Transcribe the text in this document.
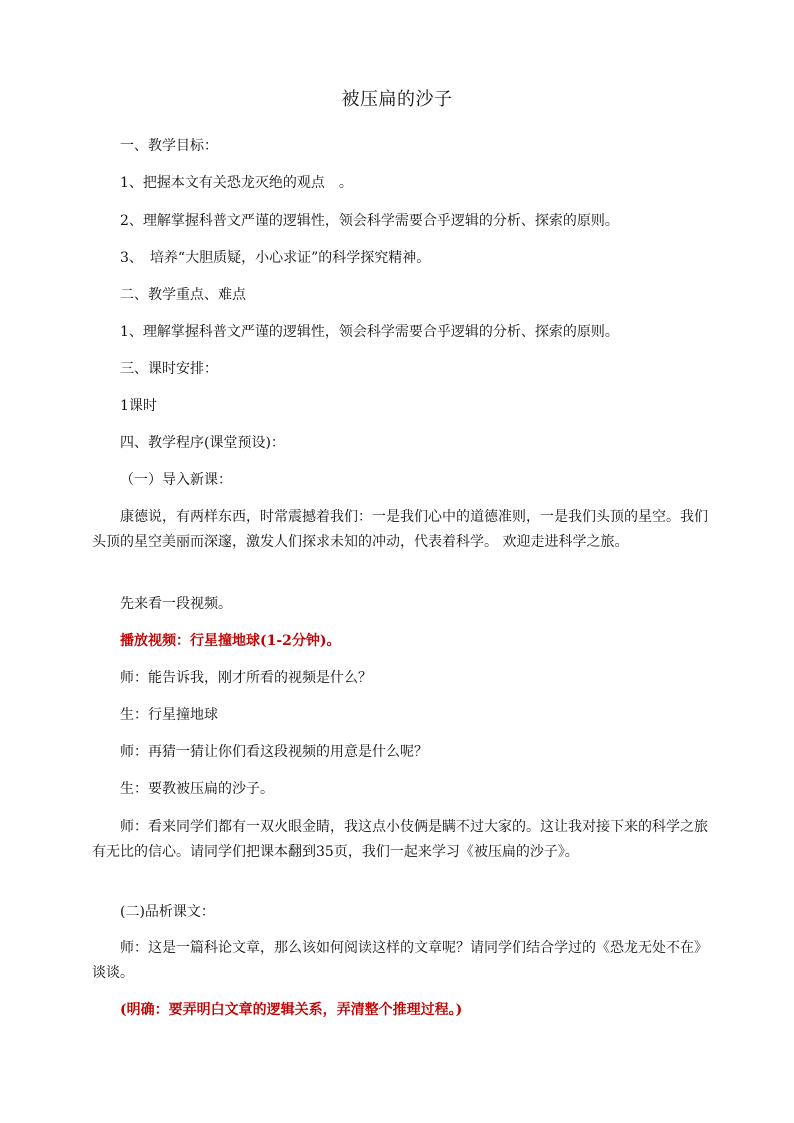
被压扁的沙子

一、教学目标：

1、把握本文有关恐龙灭绝的观点　。

2、理解掌握科普文严谨的逻辑性，领会科学需要合乎逻辑的分析、探索的原则。

3、　培养“大胆质疑，小心求证”的科学探究精神。

二、教学重点、难点

1、理解掌握科普文严谨的逻辑性，领会科学需要合乎逻辑的分析、探索的原则。

三、课时安排：

1课时

四、教学程序(课堂预设)：

（一）导入新课：

康德说，有两样东西，时常震撼着我们：一是我们心中的道德准则，一是我们头顶的星空。我们头顶的星空美丽而深邃，激发人们探求未知的冲动，代表着科学。 欢迎走进科学之旅。

先来看一段视频。

播放视频：行星撞地球(1-2分钟)。

师：能告诉我，刚才所看的视频是什么？

生：行星撞地球

师：再猜一猜让你们看这段视频的用意是什么呢？

生：要教被压扁的沙子。

师：看来同学们都有一双火眼金睛，我这点小伎俩是瞒不过大家的。这让我对接下来的科学之旅有无比的信心。请同学们把课本翻到35页，我们一起来学习《被压扁的沙子》。

(二)品析课文：

师：这是一篇科论文章，那么该如何阅读这样的文章呢？请同学们结合学过的《恐龙无处不在》谈谈。

(明确：要弄明白文章的逻辑关系，弄清整个推理过程。)
